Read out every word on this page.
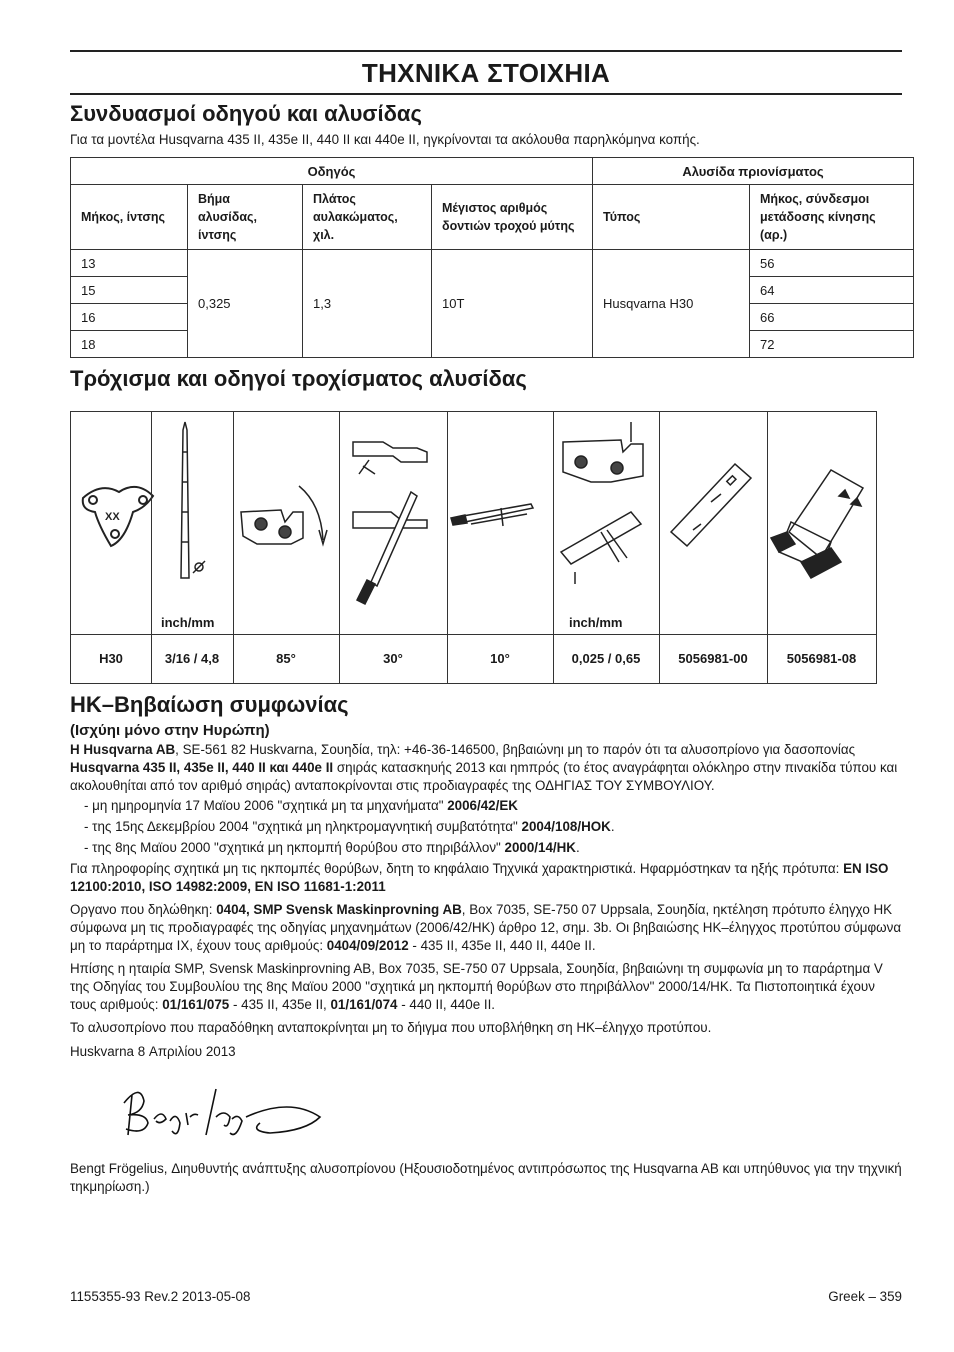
ΤΗΧΝΙΚΑ ΣΤΟΙΧΗΙΑ
Συνδυασμοί οδηγού και αλυσίδας

Για τα μοντέλα Husqvarna 435 II, 435e II, 440 II και 440e II, ηγκρίνονται τα ακόλουθα παρηλκόμηνα κοπής.

Οδηγός				Αλυσίδα πριονίσματος	
Μήκος, ίντσης	Βήμα αλυσίδας, ίντσης	Πλάτος αυλακώματος, χιλ.	Μέγιστος αριθμός δοντιών τροχού μύτης	Τύπος	Μήκος, σύνδεσμοι μετάδοσης κίνησης (αρ.)
13	0,325	1,3	10T	Husqvarna H30	56
15					64
16					66
18					72
Τρόχισμα και οδηγοί τροχίσματος αλυσίδας
XX
inch/mm	inch/mm
H30	3/16 / 4,8	85°	30°	10°	0,025 / 0,65	5056981-00	5056981-08
HK–Βηβαίωση συμφωνίας
(Ισχύηι μόνο στην Ηυρώπη)

H Husqvarna AB, SE-561 82 Huskvarna, Σουηδία, τηλ: +46-36-146500, βηβαιώνηι μη το παρόν ότι τα αλυσοπρίονο για δασοπονίας Husqvarna 435 II, 435e II, 440 II και 440e II σηιράς κατασκηυής 2013 και ηmπρός (το έτος αναγράφηται ολόκληρο στην πινακίδα τύπου και ακολουθηίται από τον αριθμό σηιράς) ανταποκρίνονται στις προδιαγραφές της ΟΔΗΓΙΑΣ ΤΟΥ ΣΥΜΒΟΥΛΙΟΥ.

- μη ημηρομηνία 17 Μαϊου 2006 "σχητικά μη τα μηχανήματα" 2006/42/EK

- της 15ης Δεκεμβρίου 2004 "σχητικά μη ηληκτρομαγνητική συμβατότητα" 2004/108/HOK.

- της 8ης Μαϊου 2000 "σχητικά μη ηκπομπή θορύβου στο πηριβάλλον" 2000/14/HK.

Για πληροφορίης σχητικά μη τις ηκπομπές θορύβων, δητη το κηφάλαιο Τηχνικά χαρακτηριστικά. Ηφαρμόστηκαν τα ηξής πρότυπα: EN ISO 12100:2010, ISO 14982:2009, EN ISO 11681-1:2011

Οργανο που δηλώθηκη: 0404, SMP Svensk Maskinprovning AB, Box 7035, SE-750 07 Uppsala, Σουηδία, ηκτέληση πρότυπο έληγχο ΗΚ σύμφωνα μη τις προδιαγραφές της οδηγίας μηχανημάτων (2006/42/HK) άρθρο 12, σημ. 3b. Οι βηβαιώσης ΗΚ–έληγχος προτύπου σύμφωνα μη το παράρτημα IX, έχουν τους αριθμούς: 0404/09/2012 - 435 II, 435e II, 440 II, 440e II.

Ηπίσης η ηταιρία SMP, Svensk Maskinprovning AB, Box 7035, SE-750 07 Uppsala, Σουηδία, βηβαιώνηι τη συμφωνία μη το παράρτημα V της Οδηγίας του Συμβουλίου της 8ης Μαϊου 2000 "σχητικά μη ηκπομπή θορύβων στο πηριβάλλον" 2000/14/HK. Τα Πιστοποιητικά έχουν τους αριθμούς: 01/161/075 - 435 II, 435e II, 01/161/074 - 440 II, 440e II.

Το αλυσοπρίονο που παραδόθηκη ανταποκρίνηται μη το δήιγμα που υποβλήθηκη ση ΗΚ–έληγχο προτύπου.

Huskvarna 8 Απριλίου 2013

Bengt Frögelius, Διηυθυντής ανάπτυξης αλυσοπρίονου (Ηξουσιοδοτημένος αντιπρόσωπος της Husqvarna AB και υπηύθυνος για την τηχνική τηκμηρίωση.)

1155355-93 Rev.2 2013-05-08	Greek – 359
